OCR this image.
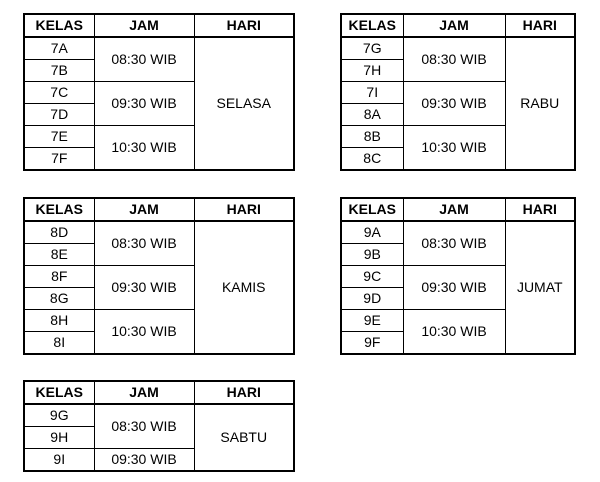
KELAS	JAM	HARI
7A	08:30 WIB	SELASA
7B		
7C	09:30 WIB	
7D		
7E	10:30 WIB	
7F		
KELAS	JAM	HARI
7G	08:30 WIB	RABU
7H		
7I	09:30 WIB	
8A		
8B	10:30 WIB	
8C		
KELAS	JAM	HARI
8D	08:30 WIB	KAMIS
8E		
8F	09:30 WIB	
8G		
8H	10:30 WIB	
8I		
KELAS	JAM	HARI
9A	08:30 WIB	JUMAT
9B		
9C	09:30 WIB	
9D		
9E	10:30 WIB	
9F		
KELAS	JAM	HARI
9G	08:30 WIB	SABTU
9H		
9I	09:30 WIB	
